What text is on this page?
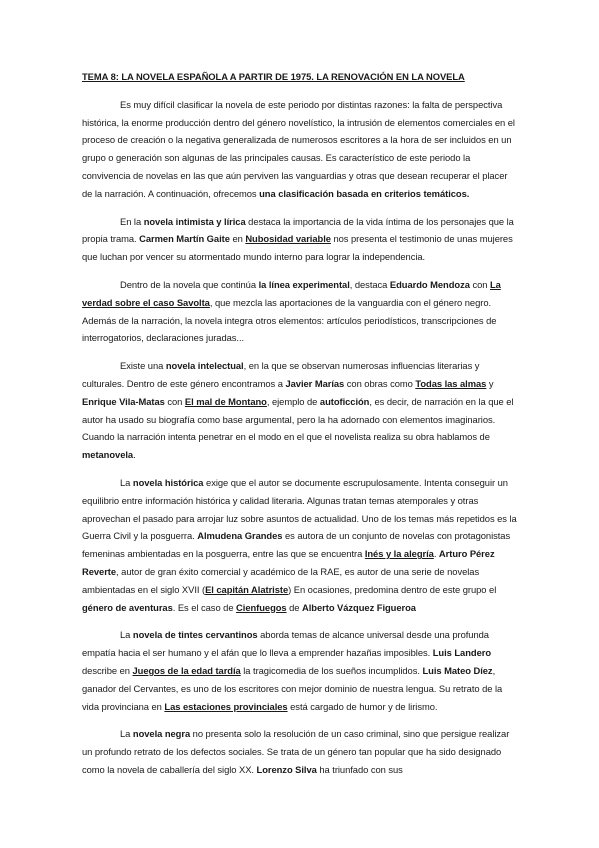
TEMA 8: LA NOVELA ESPAÑOLA A PARTIR DE 1975. LA RENOVACIÓN EN LA NOVELA

Es muy difícil clasificar la novela de este periodo por distintas razones: la falta de perspectiva histórica, la enorme producción dentro del género novelístico, la intrusión de elementos comerciales en el proceso de creación o la negativa generalizada de numerosos escritores a la hora de ser incluidos en un grupo o generación son algunas de las principales causas. Es característico de este periodo la convivencia de novelas en las que aún perviven las vanguardias y otras que desean recuperar el placer de la narración. A continuación, ofrecemos una clasificación basada en criterios temáticos.

En la novela intimista y lírica destaca la importancia de la vida íntima de los personajes que la propia trama. Carmen Martín Gaite en Nubosidad variable nos presenta el testimonio de unas mujeres que luchan por vencer su atormentado mundo interno para lograr la independencia.

Dentro de la novela que continúa la línea experimental, destaca Eduardo Mendoza con La verdad sobre el caso Savolta, que mezcla las aportaciones de la vanguardia con el género negro. Además de la narración, la novela integra otros elementos: artículos periodísticos, transcripciones de interrogatorios, declaraciones juradas...

Existe una novela intelectual, en la que se observan numerosas influencias literarias y culturales. Dentro de este género encontramos a Javier Marías con obras como Todas las almas y Enrique Vila-Matas con El mal de Montano, ejemplo de autoficción, es decir, de narración en la que el autor ha usado su biografía como base argumental, pero la ha adornado con elementos imaginarios. Cuando la narración intenta penetrar en el modo en el que el novelista realiza su obra hablamos de metanovela.

La novela histórica exige que el autor se documente escrupulosamente. Intenta conseguir un equilibrio entre información histórica y calidad literaria. Algunas tratan temas atemporales y otras aprovechan el pasado para arrojar luz sobre asuntos de actualidad. Uno de los temas más repetidos es la Guerra Civil y la posguerra. Almudena Grandes es autora de un conjunto de novelas con protagonistas femeninas ambientadas en la posguerra, entre las que se encuentra Inés y la alegría. Arturo Pérez Reverte, autor de gran éxito comercial y académico de la RAE, es autor de una serie de novelas ambientadas en el siglo XVII (El capitán Alatriste) En ocasiones, predomina dentro de este grupo el género de aventuras. Es el caso de Cienfuegos de Alberto Vázquez Figueroa

La novela de tintes cervantinos aborda temas de alcance universal desde una profunda empatía hacia el ser humano y el afán que lo lleva a emprender hazañas imposibles. Luis Landero describe en Juegos de la edad tardía la tragicomedia de los sueños incumplidos. Luis Mateo Díez, ganador del Cervantes, es uno de los escritores con mejor dominio de nuestra lengua. Su retrato de la vida provinciana en Las estaciones provinciales está cargado de humor y de lirismo.

La novela negra no presenta solo la resolución de un caso criminal, sino que persigue realizar un profundo retrato de los defectos sociales. Se trata de un género tan popular que ha sido designado como la novela de caballería del siglo XX. Lorenzo Silva ha triunfado con sus
